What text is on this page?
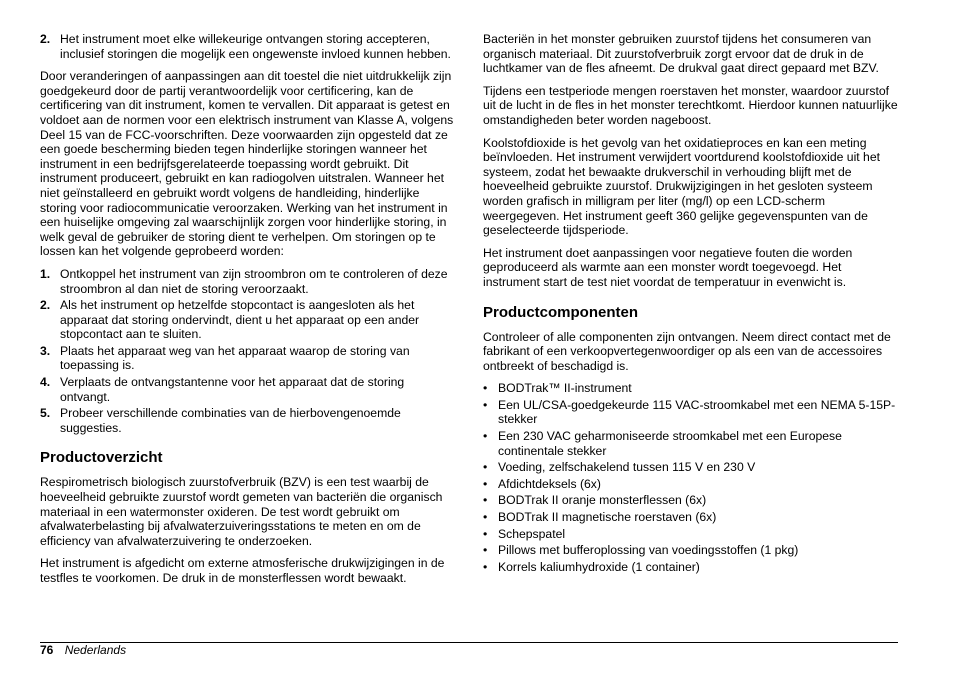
2. Het instrument moet elke willekeurige ontvangen storing accepteren, inclusief storingen die mogelijk een ongewenste invloed kunnen hebben.

Door veranderingen of aanpassingen aan dit toestel die niet uitdrukkelijk zijn goedgekeurd door de partij verantwoordelijk voor certificering, kan de certificering van dit instrument, komen te vervallen. Dit apparaat is getest en voldoet aan de normen voor een elektrisch instrument van Klasse A, volgens Deel 15 van de FCC-voorschriften. Deze voorwaarden zijn opgesteld dat ze een goede bescherming bieden tegen hinderlijke storingen wanneer het instrument in een bedrijfsgerelateerde toepassing wordt gebruikt. Dit instrument produceert, gebruikt en kan radiogolven uitstralen. Wanneer het niet geïnstalleerd en gebruikt wordt volgens de handleiding, hinderlijke storing voor radiocommunicatie veroorzaken. Werking van het instrument in een huiselijke omgeving zal waarschijnlijk zorgen voor hinderlijke storing, in welk geval de gebruiker de storing dient te verhelpen. Om storingen op te lossen kan het volgende geprobeerd worden:

1. Ontkoppel het instrument van zijn stroombron om te controleren of deze stroombron al dan niet de storing veroorzaakt.
2. Als het instrument op hetzelfde stopcontact is aangesloten als het apparaat dat storing ondervindt, dient u het apparaat op een ander stopcontact aan te sluiten.
3. Plaats het apparaat weg van het apparaat waarop de storing van toepassing is.
4. Verplaats de ontvangstantenne voor het apparaat dat de storing ontvangt.
5. Probeer verschillende combinaties van de hierbovengenoemde suggesties.
Productoverzicht

Respirometrisch biologisch zuurstofverbruik (BZV) is een test waarbij de hoeveelheid gebruikte zuurstof wordt gemeten van bacteriën die organisch materiaal in een watermonster oxideren. De test wordt gebruikt om afvalwaterbelasting bij afvalwaterzuiveringsstations te meten en om de efficiency van afvalwaterzuivering te onderzoeken.

Het instrument is afgedicht om externe atmosferische drukwijzigingen in de testfles te voorkomen. De druk in de monsterflessen wordt bewaakt.

Bacteriën in het monster gebruiken zuurstof tijdens het consumeren van organisch materiaal. Dit zuurstofverbruik zorgt ervoor dat de druk in de luchtkamer van de fles afneemt. De drukval gaat direct gepaard met BZV.

Tijdens een testperiode mengen roerstaven het monster, waardoor zuurstof uit de lucht in de fles in het monster terechtkomt. Hierdoor kunnen natuurlijke omstandigheden beter worden nageboost.

Koolstofdioxide is het gevolg van het oxidatieproces en kan een meting beïnvloeden. Het instrument verwijdert voortdurend koolstofdioxide uit het systeem, zodat het bewaakte drukverschil in verhouding blijft met de hoeveelheid gebruikte zuurstof. Drukwijzigingen in het gesloten systeem worden grafisch in milligram per liter (mg/l) op een LCD-scherm weergegeven. Het instrument geeft 360 gelijke gegevenspunten van de geselecteerde tijdsperiode.

Het instrument doet aanpassingen voor negatieve fouten die worden geproduceerd als warmte aan een monster wordt toegevoegd. Het instrument start de test niet voordat de temperatuur in evenwicht is.

Productcomponenten

Controleer of alle componenten zijn ontvangen. Neem direct contact met de fabrikant of een verkoopvertegenwoordiger op als een van de accessoires ontbreekt of beschadigd is.

• BODTrak™ II-instrument
• Een UL/CSA-goedgekeurde 115 VAC-stroomkabel met een NEMA 5-15P-stekker
• Een 230 VAC geharmoniseerde stroomkabel met een Europese continentale stekker
• Voeding, zelfschakelend tussen 115 V en 230 V
• Afdichtdeksels (6x)
• BODTrak II oranje monsterflessen (6x)
• BODTrak II magnetische roerstaven (6x)
• Schepspatel
• Pillows met bufferoplossing van voedingsstoffen (1 pkg)
• Korrels kaliumhydroxide (1 container)
76 Nederlands
